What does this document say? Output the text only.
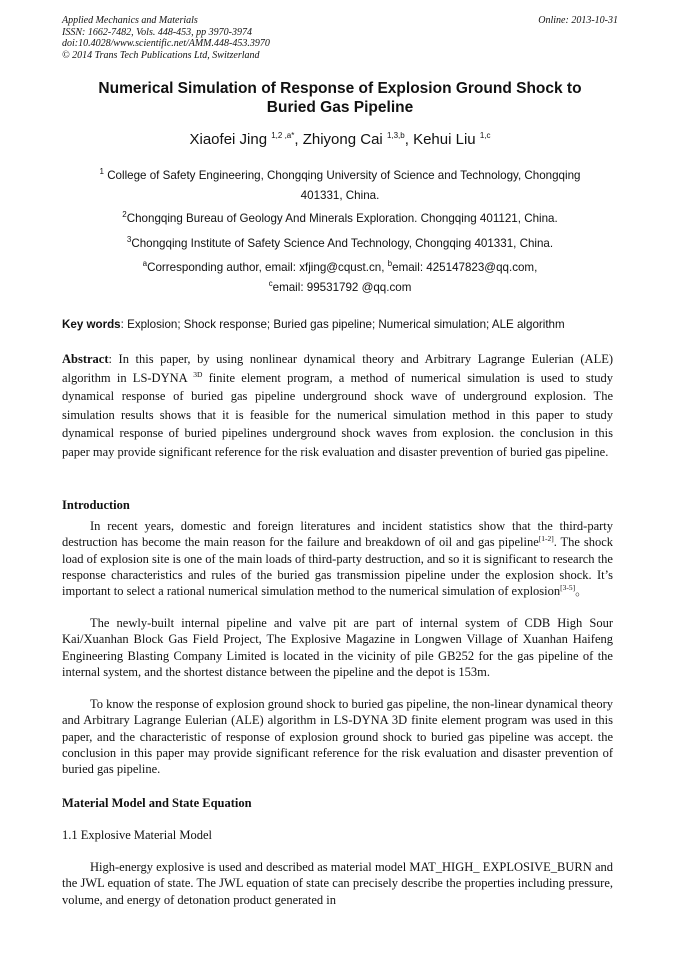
Applied Mechanics and Materials
ISSN: 1662-7482, Vols. 448-453, pp 3970-3974
doi:10.4028/www.scientific.net/AMM.448-453.3970
© 2014 Trans Tech Publications Ltd, Switzerland
Online: 2013-10-31
Numerical Simulation of Response of Explosion Ground Shock to
Buried Gas Pipeline
Xiaofei Jing $^{1,2 ,a*}$, Zhiyong Cai $^{1,3,b}$, Kehui Liu $^{1,c}$
$^1$ College of Safety Engineering, Chongqing University of Science and Technology, Chongqing
401331, China.
$^2$Chongqing Bureau of Geology And Minerals Exploration. Chongqing 401121, China.
$^3$Chongqing Institute of Safety Science And Technology, Chongqing 401331, China.
$^a$Corresponding author, email: xfjing@cqust.cn, $^b$email: 425147823@qq.com,
$^c$email: 99531792 @qq.com
Key words: Explosion; Shock response; Buried gas pipeline; Numerical simulation; ALE algorithm
Abstract: In this paper, by using nonlinear dynamical theory and Arbitrary Lagrange Eulerian (ALE) algorithm in LS-DYNA $^{3D}$ finite element program, a method of numerical simulation is used to study dynamical response of buried gas pipeline underground shock wave of underground explosion. The simulation results shows that it is feasible for the numerical simulation method in this paper to study dynamical response of buried pipelines underground shock waves from explosion. the conclusion in this paper may provide significant reference for the risk evaluation and disaster prevention of buried gas pipeline.
Introduction
In recent years, domestic and foreign literatures and incident statistics show that the third-party destruction has become the main reason for the failure and breakdown of oil and gas pipeline[1-2]. The shock load of explosion site is one of the main loads of third-party destruction, and so it is significant to research the response characteristics and rules of the buried gas transmission pipeline under the explosion shock. It’s important to select a rational numerical simulation method to the numerical simulation of explosion[3-5]。
The newly-built internal pipeline and valve pit are part of internal system of CDB High Sour Kai/Xuanhan Block Gas Field Project, The Explosive Magazine in Longwen Village of Xuanhan Haifeng Engineering Blasting Company Limited is located in the vicinity of pile GB252 for the gas pipeline of the internal system, and the shortest distance between the pipeline and the depot is 153m.
To know the response of explosion ground shock to buried gas pipeline, the non-linear dynamical theory and Arbitrary Lagrange Eulerian (ALE) algorithm in LS-DYNA 3D finite element program was used in this paper, and the characteristic of response of explosion ground shock to buried gas pipeline was accept. the conclusion in this paper may provide significant reference for the risk evaluation and disaster prevention of buried gas pipeline.
Material Model and State Equation
1.1 Explosive Material Model
High-energy explosive is used and described as material model MAT_HIGH_ EXPLOSIVE_BURN and the JWL equation of state. The JWL equation of state can precisely describe the properties including pressure, volume, and energy of detonation product generated in
